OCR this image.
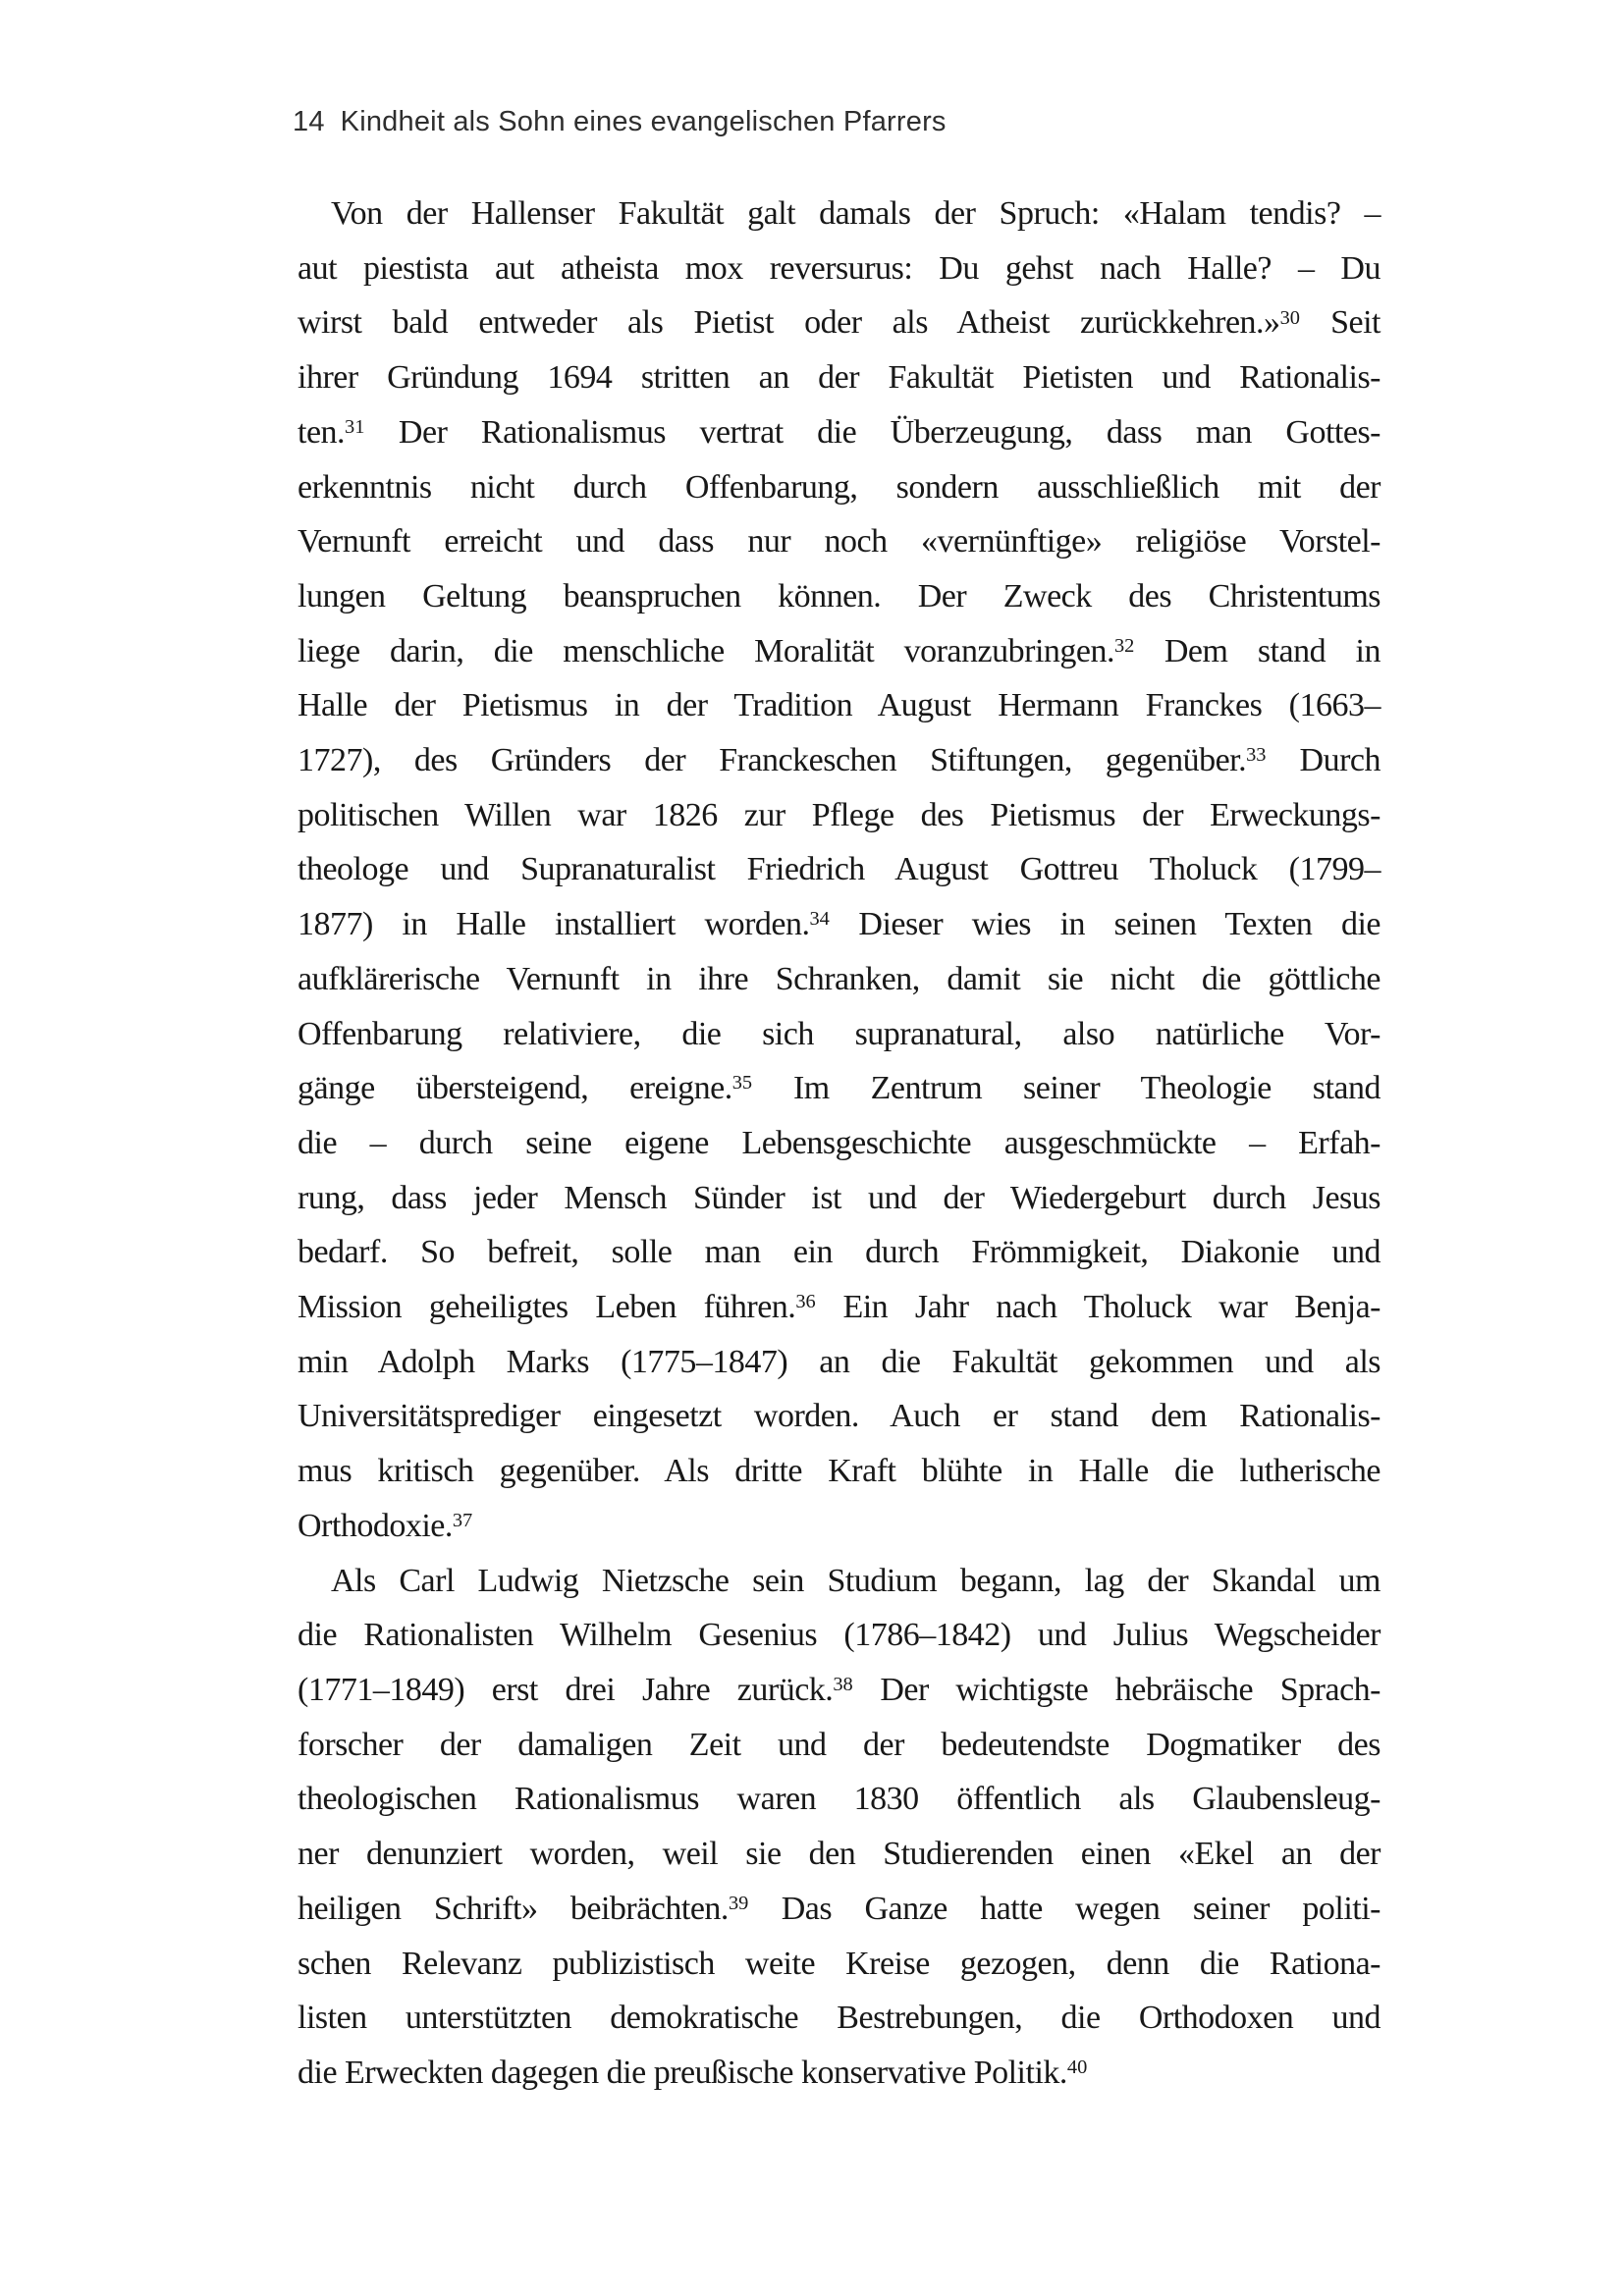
14 Kindheit als Sohn eines evangelischen Pfarrers
Von der Hallenser Fakultät galt damals der Spruch: «Halam tendis? –
aut piestista aut atheista mox reversurus: Du gehst nach Halle? – Du
wirst bald entweder als Pietist oder als Atheist zurückkehren.»$^{30}$ Seit
ihrer Gründung 1694 stritten an der Fakultät Pietisten und Rationalis-
ten.$^{31}$ Der Rationalismus vertrat die Überzeugung, dass man Gottes-
erkenntnis nicht durch Offenbarung, sondern ausschließlich mit der
Vernunft erreicht und dass nur noch «vernünftige» religiöse Vorstel-
lungen Geltung beanspruchen können. Der Zweck des Christentums
liege darin, die menschliche Moralität voranzubringen.$^{32}$ Dem stand in
Halle der Pietismus in der Tradition August Hermann Franckes (1663–
1727), des Gründers der Franckeschen Stiftungen, gegenüber.$^{33}$ Durch
politischen Willen war 1826 zur Pflege des Pietismus der Erweckungs-
theologe und Supranaturalist Friedrich August Gottreu Tholuck (1799–
1877) in Halle installiert worden.$^{34}$ Dieser wies in seinen Texten die
aufklärerische Vernunft in ihre Schranken, damit sie nicht die göttliche
Offenbarung relativiere, die sich supranatural, also natürliche Vor-
gänge übersteigend, ereigne.$^{35}$ Im Zentrum seiner Theologie stand
die – durch seine eigene Lebensgeschichte ausgeschmückte – Erfah-
rung, dass jeder Mensch Sünder ist und der Wiedergeburt durch Jesus
bedarf. So befreit, solle man ein durch Frömmigkeit, Diakonie und
Mission geheiligtes Leben führen.$^{36}$ Ein Jahr nach Tholuck war Benja-
min Adolph Marks (1775–1847) an die Fakultät gekommen und als
Universitätsprediger eingesetzt worden. Auch er stand dem Rationalis-
mus kritisch gegenüber. Als dritte Kraft blühte in Halle die lutherische
Orthodoxie.$^{37}$
Als Carl Ludwig Nietzsche sein Studium begann, lag der Skandal um
die Rationalisten Wilhelm Gesenius (1786–1842) und Julius Wegscheider
(1771–1849) erst drei Jahre zurück.$^{38}$ Der wichtigste hebräische Sprach-
forscher der damaligen Zeit und der bedeutendste Dogmatiker des
theologischen Rationalismus waren 1830 öffentlich als Glaubensleug-
ner denunziert worden, weil sie den Studierenden einen «Ekel an der
heiligen Schrift» beibrächten.$^{39}$ Das Ganze hatte wegen seiner politi-
schen Relevanz publizistisch weite Kreise gezogen, denn die Rationa-
listen unterstützten demokratische Bestrebungen, die Orthodoxen und
die Erweckten dagegen die preußische konservative Politik.$^{40}$
